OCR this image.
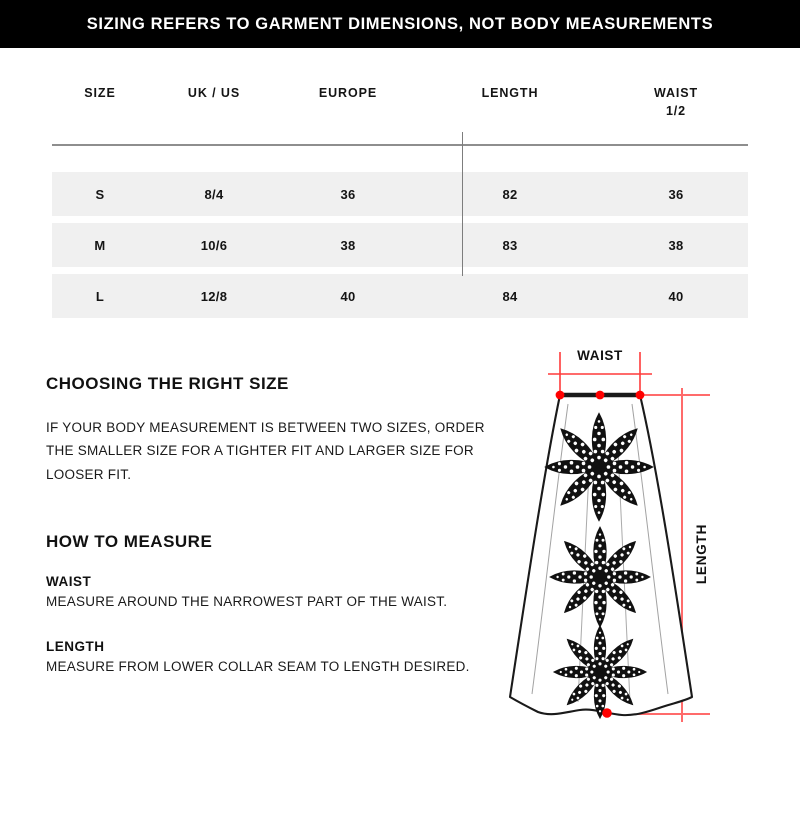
SIZING REFERS TO GARMENT DIMENSIONS, NOT BODY MEASUREMENTS
SIZE	UK / US	EUROPE	LENGTH	WAIST
1/2

S	8/4	36	82	36

M	10/6	38	83	38

L	12/8	40	84	40
CHOOSING THE RIGHT SIZE

IF YOUR BODY MEASUREMENT IS BETWEEN TWO SIZES, ORDER THE SMALLER SIZE FOR A TIGHTER FIT AND LARGER SIZE FOR LOOSER FIT.

HOW TO MEASURE
WAIST

MEASURE AROUND THE NARROWEST PART OF THE WAIST.

LENGTH

MEASURE FROM LOWER COLLAR SEAM TO LENGTH DESIRED.

WAIST
LENGTH
